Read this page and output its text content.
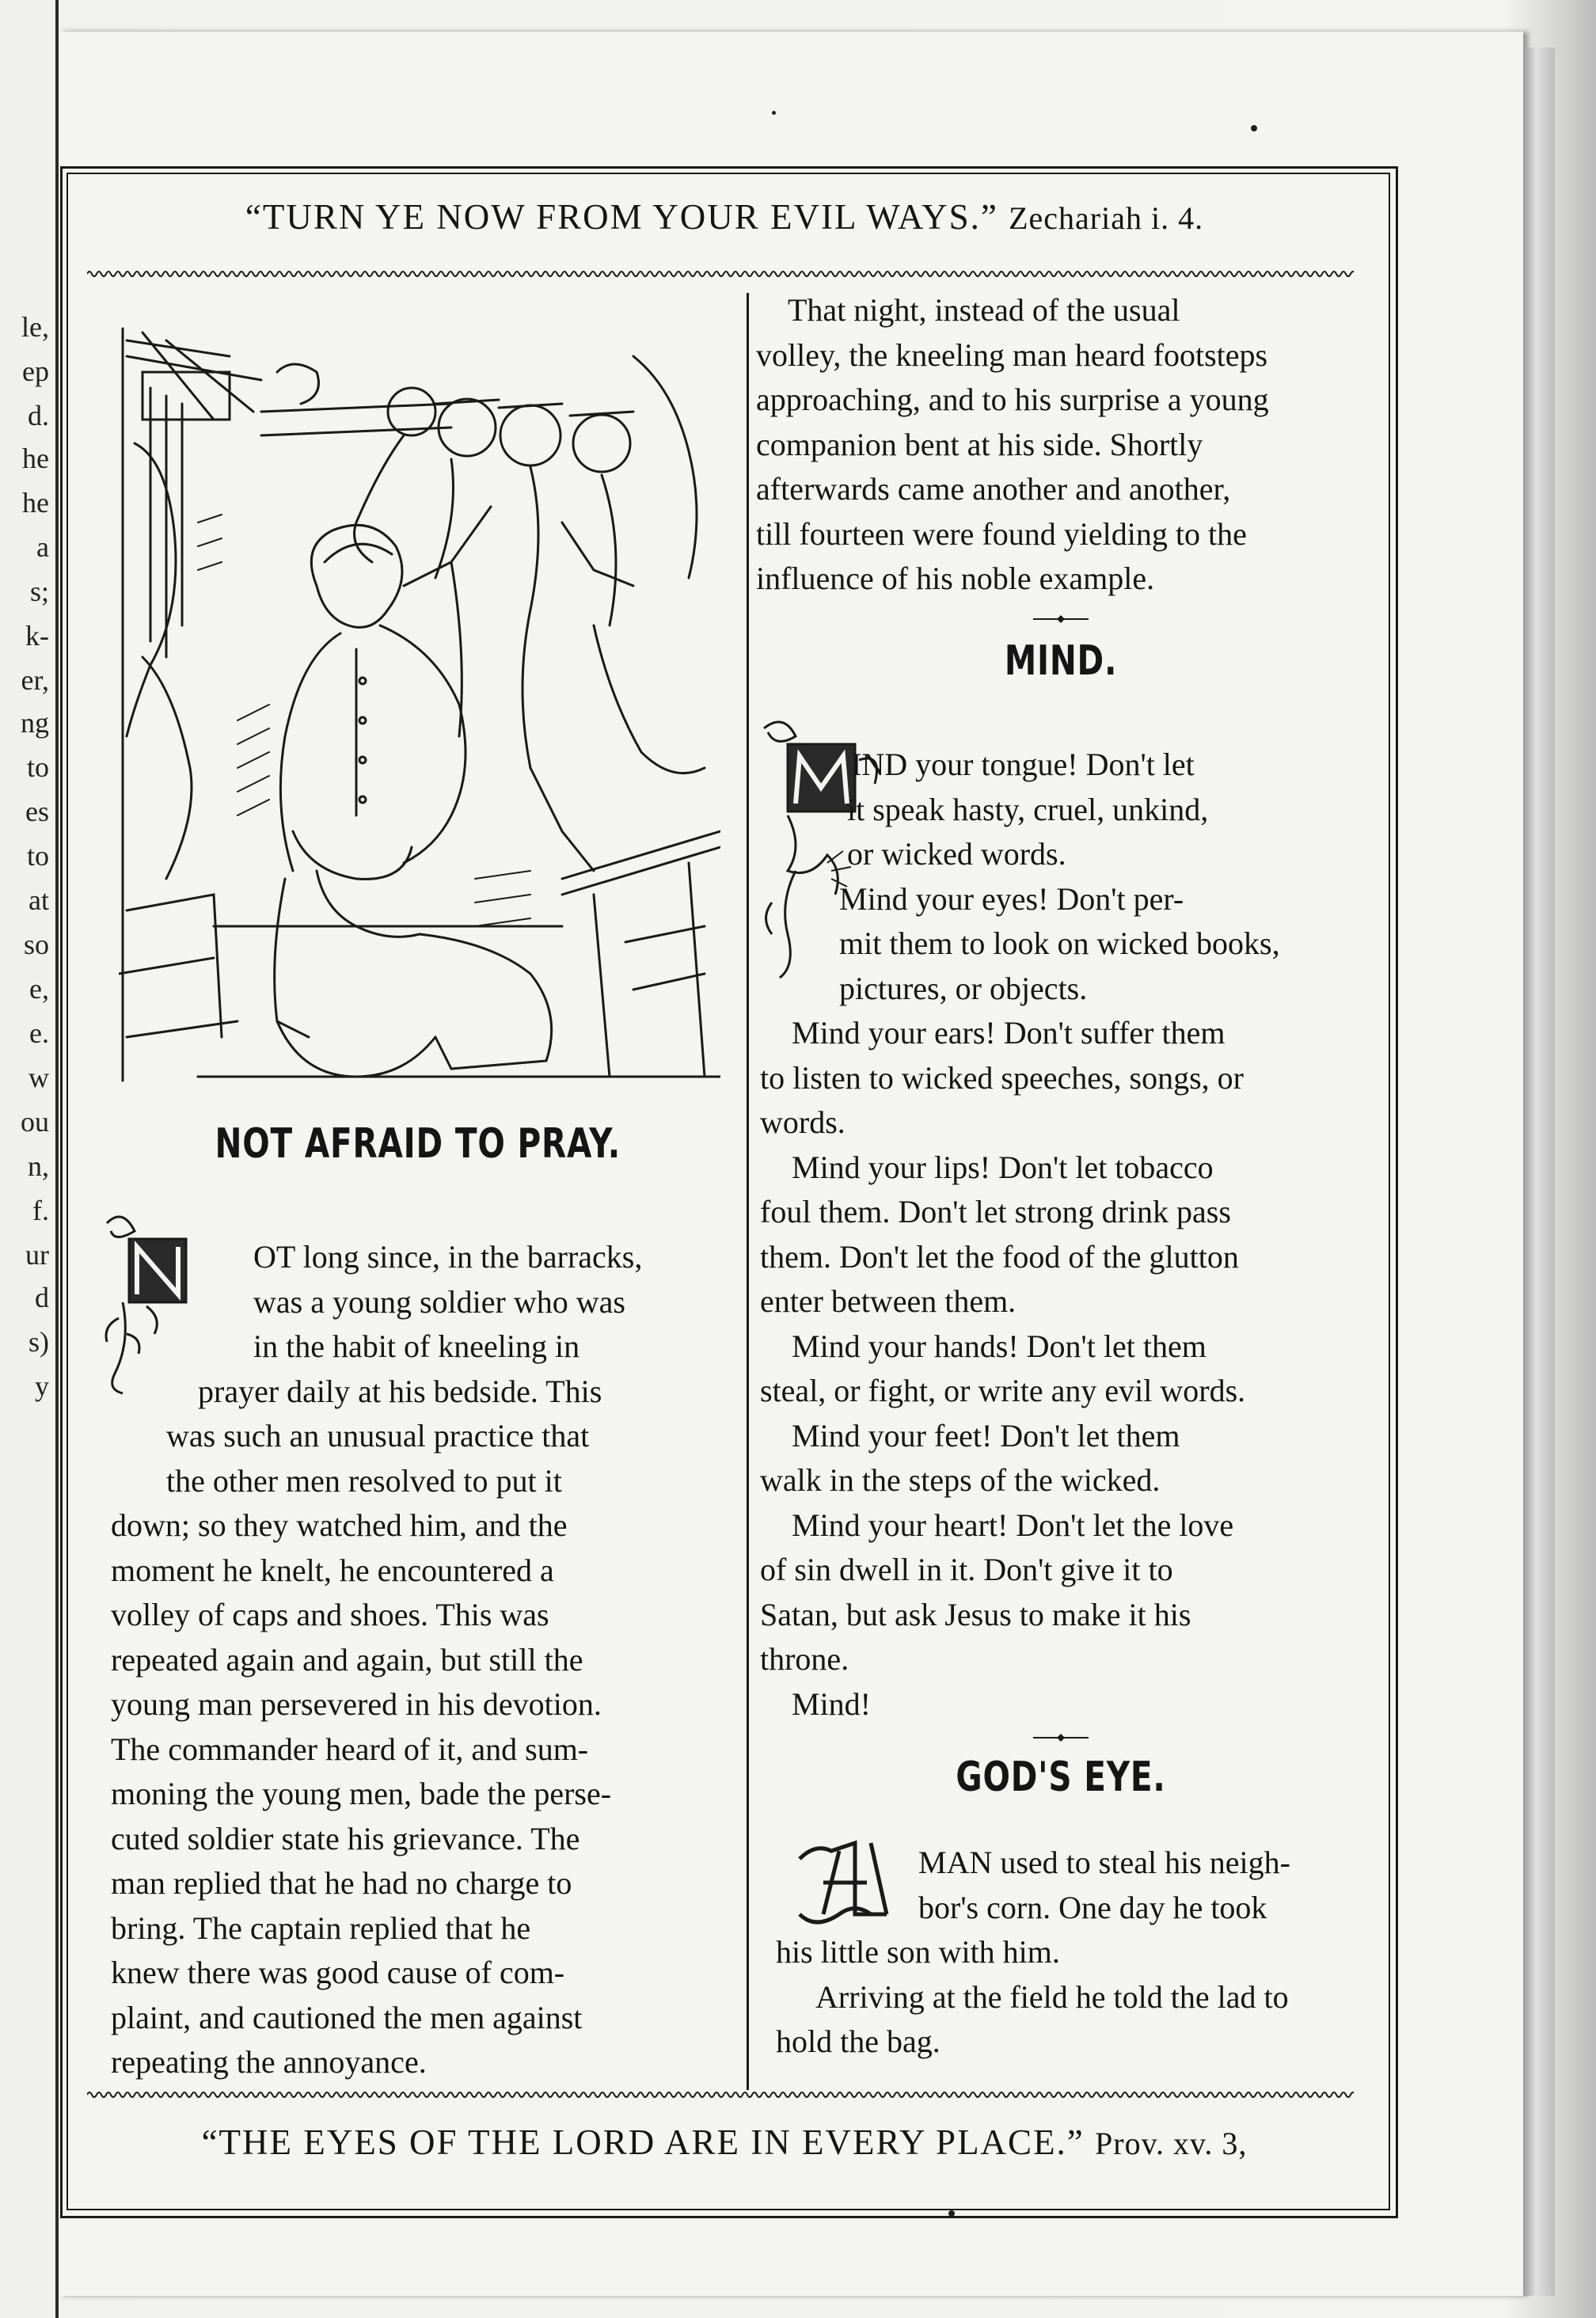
le,
ep
d.
he
he
a
s;
k-
er,
ng
to
es
to
at
so
e,
e.
w
ou
n,
f.
ur
d
s)
y
“TURN YE NOW FROM YOUR EVIL WAYS.” Zechariah i. 4.
NOT AFRAID TO PRAY.
OT long since, in the barracks,
was a young soldier who was
in the habit of kneeling in
prayer daily at his bedside. This
was such an unusual practice that
the other men resolved to put it
down; so they watched him, and the
moment he knelt, he encountered a
volley of caps and shoes. This was
repeated again and again, but still the
young man persevered in his devotion.
The commander heard of it, and sum-
moning the young men, bade the perse-
cuted soldier state his grievance. The
man replied that he had no charge to
bring. The captain replied that he
knew there was good cause of com-
plaint, and cautioned the men against
repeating the annoyance.
That night, instead of the usual
volley, the kneeling man heard footsteps
approaching, and to his surprise a young
companion bent at his side. Shortly
afterwards came another and another,
till fourteen were found yielding to the
influence of his noble example.
MIND.
IND your tongue! Don't let
it speak hasty, cruel, unkind,
or wicked words.
Mind your eyes! Don't per-
mit them to look on wicked books,
pictures, or objects.
Mind your ears! Don't suffer them
to listen to wicked speeches, songs, or
words.
Mind your lips! Don't let tobacco
foul them. Don't let strong drink pass
them. Don't let the food of the glutton
enter between them.
Mind your hands! Don't let them
steal, or fight, or write any evil words.
Mind your feet! Don't let them
walk in the steps of the wicked.
Mind your heart! Don't let the love
of sin dwell in it. Don't give it to
Satan, but ask Jesus to make it his
throne.
Mind!
GOD'S EYE.
MAN used to steal his neigh-
bor's corn. One day he took
his little son with him.
Arriving at the field he told the lad to
hold the bag.
“THE EYES OF THE LORD ARE IN EVERY PLACE.” Prov. xv. 3,
